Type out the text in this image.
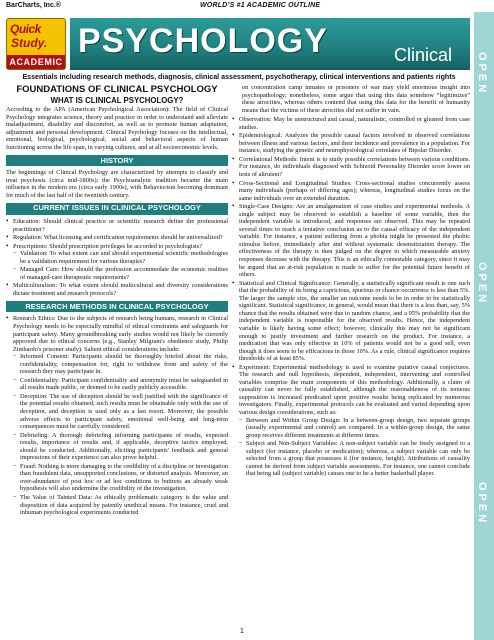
BarCharts, Inc.®	WORLD’S #1 ACADEMIC OUTLINE
Quick
Study.
ACADEMIC
PSYCHOLOGY	Clinical OPEN
OPEN
OPEN
Essentials including research methods, diagnosis, clinical assessment, psychotherapy, clinical interventions and patients rights
FOUNDATIONS OF CLINICAL PSYCHOLOGY
WHAT IS CLINICAL PSYCHOLOGY?
According to the APA (American Psychological Association): The field of Clinical Psychology integrates science, theory and practice in order to understand and alleviate maladjustment, disability and discomfort, as well as to promote human adaptation, adjustment and personal development. Clinical Psychology focuses on the intellectual, emotional, biological, psychological, social and behavioral aspects of human functioning across the life span, in varying cultures, and at all socioeconomic levels.
HISTORY
The beginnings of Clinical Psychology are characterized by attempts to classify and treat psychosis (circa mid-1800s); the Psychoanalytic tradition became the main influence in the modern era (circa early 1900s), with Behaviorism becoming dominant for much of the last half of the twentieth century.
CURRENT ISSUES IN CLINICAL PSYCHOLOGY
• Education: Should clinical practice or scientific research define the professional practitioner?
• Regulation: What licensing and certification requirements should be universalized?
• Prescriptions: Should prescription privileges be accorded to psychologists?
– Validation: To what extent can and should experimental scientific methodologies be a validation requirement for various therapies?
– Managed Care: How should the profession accommodate the economic realities of managed-care therapeutic requirements?
• Multiculturalism: To what extent should multicultural and diversity considerations dictate treatment and research protocols?
RESEARCH METHODS IN CLINICAL PSYCHOLOGY
• Research Ethics: Due to the subjects of research being humans, research in Clinical Psychology needs to be especially mindful of ethical constraints and safeguards for participant safety. Many groundbreaking early studies would not likely be currently approved due to ethical concerns (e.g., Stanley Milgram's obedience study, Philip Zimbardo's prisoner study). Salient ethical considerations include:
– Informed Consent: Participants should be thoroughly briefed about the risks, confidentiality, compensation for, right to withdraw from and safety of the research they may participate in.
– Confidentiality: Participant confidentiality and anonymity must be safeguarded in all results made public, or deemed to be easily publicly accessible.
– Deception: The use of deception should be well justified with the significance of the potential results obtained; such results must be obtainable only with the use of deception, and deception is used only as a last resort. Moreover, the possible adverse effects to participant safety, emotional well-being and long-term consequences must be carefully considered.
– Debriefing: A thorough debriefing informing participants of results, expected results, importance of results and, if applicable, deceptive tactics employed, should be conducted. Additionally, eliciting participants' feedback and general impressions of their experience can also prove helpful.
– Fraud: Nothing is more damaging to the credibility of a discipline or investigation than fraudulent data, unsupported conclusions, or distorted analysis. Moreover, an over-abundance of post hoc or ad hoc conditions to buttress an already weak hypothesis will also undermine the credibility of the investigation.
– The Value of Tainted Data: As ethically problematic category is the value and disposition of data acquired by patently unethical means. For instance, cruel and inhuman psychological experiments conducted
on concentration camp inmates or prisoners of war may yield enormous insight into psychopathology; nonetheless, some argue that using this data somehow “legitimizes” these atrocities, whereas others contend that using this data for the benefit of humanity means that the victims of these atrocities did not suffer in vain.
• Observation: May be unstructured and casual, naturalistic, controlled or gleaned from case studies.
• Epidemiological: Analyzes the possible causal factors involved in observed correlations between illness and various factors, and their incidence and prevalence in a population. For instance, studying the genetic and neurophysiological correlates of Bipolar Disorder.
• Correlational Methods: Intent is to study possible correlations between various conditions. For instance, do individuals diagnosed with Schizoid Personality Disorder score lower on tests of altruism?
• Cross-Sectional and Longitudinal Studies: Cross-sectional studies concurrently assess many individuals (perhaps of differing ages); whereas, longitudinal studies focus on the same individuals over an extended duration.
• Single-Case Designs: Are an amalgamation of case studies and experimental methods. A single subject may be observed to establish a baseline of some variable, then the independent variable is introduced, and responses are observed. This may be repeated several times to reach a tentative conclusion as to the causal efficacy of the independent variable. For instance, a patient suffering from a phobia might be presented the phobic stimulus before, immediately after and without systematic desensitization therapy. The effectiveness of the therapy is then judged on the degree to which measurable anxiety responses decrease with the therapy. This is an ethically contestable category, since it may be argued that an at-risk population is made to suffer for the potential future benefit of others.
• Statistical and Clinical Significance: Generally, a statistically significant result is one such that the probability of its being a capricious, spurious or chance occurrence is less than 5%. The larger the sample size, the smaller an outcome needs to be in order to be statistically significant. Statistical significance, in general, would mean that there is a less than, say, 5% chance that the results obtained were due to random chance, and a 95% probability that the independent variable is responsible for the observed results. Hence, the independent variable is likely having some effect; however, clinically this may not be significant enough to justify investment and further research on the product. For instance, a medication that was only effective in 10% of patients would not be a good sell, even though it does seem to be efficacious in those 10%. As a rule, clinical significance requires thresholds of at least 85%.
• Experiment: Experimental methodology is used to examine putative causal conjectures. The research and null hypothesis, dependent, independent, intervening and controlled variables comprise the main components of this methodology. Additionally, a claim of causality can never be fully established, although the reasonableness of its tenuous supposition is increased predicated upon positive results being replicated by numerous investigators. Finally, experimental protocols can be evaluated and varied depending upon various design considerations, such as:
– Between and Within Group Design: In a between-group design, two separate groups (usually experimental and control) are compared. In a within-group design, the same group receives different treatments at different times.
– Subject and Non-Subject Variables: A non-subject variable can be freely assigned to a subject (for instance, placebo or medication); whereas, a subject variable can only be selected from a group that possesses it (for instance, height). Attributions of causality cannot be derived from subject variable assessments. For instance, one cannot conclude that being tall (subject variable) causes one to be a better basketball player.
1
